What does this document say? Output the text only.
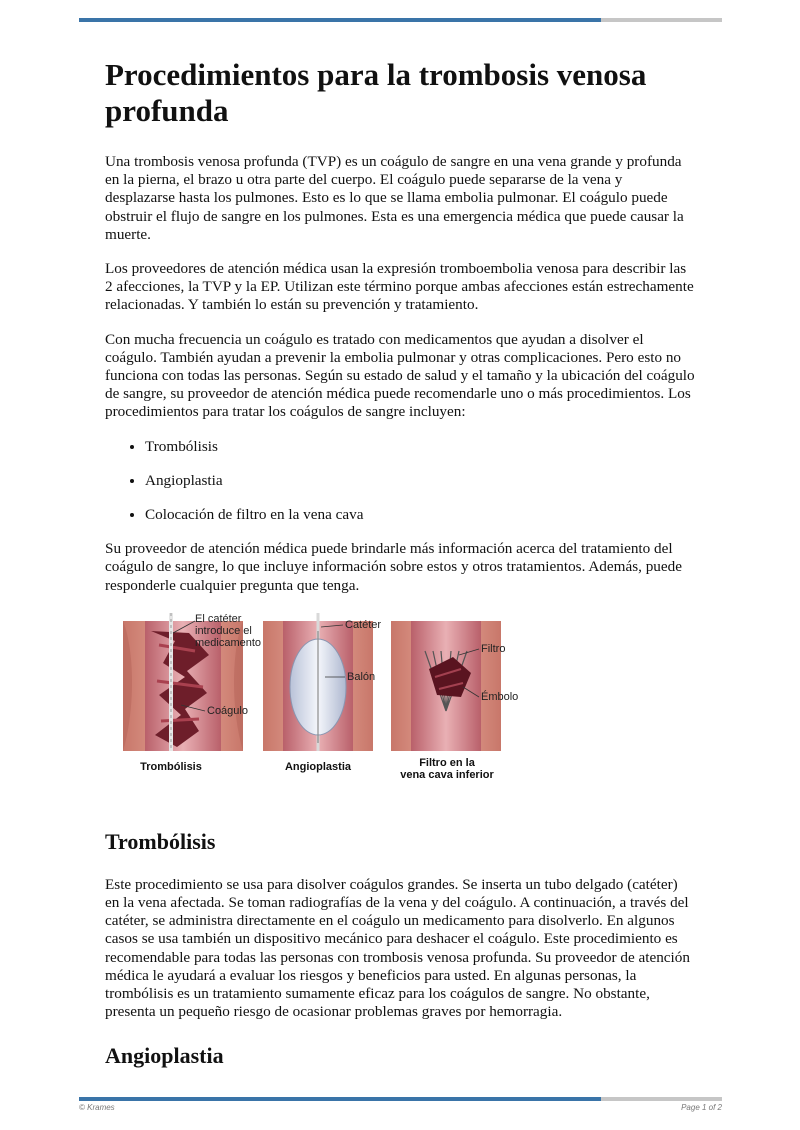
Procedimientos para la trombosis venosa profunda

Una trombosis venosa profunda (TVP) es un coágulo de sangre en una vena grande y profunda en la pierna, el brazo u otra parte del cuerpo. El coágulo puede separarse de la vena y desplazarse hasta los pulmones. Esto es lo que se llama embolia pulmonar. El coágulo puede obstruir el flujo de sangre en los pulmones. Esta es una emergencia médica que puede causar la muerte.

Los proveedores de atención médica usan la expresión tromboembolia venosa para describir las 2 afecciones, la TVP y la EP. Utilizan este término porque ambas afecciones están estrechamente relacionadas. Y también lo están su prevención y tratamiento.

Con mucha frecuencia un coágulo es tratado con medicamentos que ayudan a disolver el coágulo. También ayudan a prevenir la embolia pulmonar y otras complicaciones. Pero esto no funciona con todas las personas. Según su estado de salud y el tamaño y la ubicación del coágulo de sangre, su proveedor de atención médica puede recomendarle uno o más procedimientos. Los procedimientos para tratar los coágulos de sangre incluyen:

• Trombólisis
• Angioplastia
• Colocación de filtro en la vena cava

Su proveedor de atención médica puede brindarle más información acerca del tratamiento del coágulo de sangre, lo que incluye información sobre estos y otros tratamientos. Además, puede responderle cualquier pregunta que tenga.

El catéter
introduce el
medicamento
Coágulo
Catéter
Balón
Filtro
Émbolo
Trombólisis	Angioplastia	Filtro en la
vena cava inferior
Trombólisis

Este procedimiento se usa para disolver coágulos grandes. Se inserta un tubo delgado (catéter) en la vena afectada. Se toman radiografías de la vena y del coágulo. A continuación, a través del catéter, se administra directamente en el coágulo un medicamento para disolverlo. En algunos casos se usa también un dispositivo mecánico para deshacer el coágulo. Este procedimiento es recomendable para todas las personas con trombosis venosa profunda. Su proveedor de atención médica le ayudará a evaluar los riesgos y beneficios para usted. En algunas personas, la trombólisis es un tratamiento sumamente eficaz para los coágulos de sangre. No obstante, presenta un pequeño riesgo de ocasionar problemas graves por hemorragia.

Angioplastia
© Krames	Page 1 of 2
